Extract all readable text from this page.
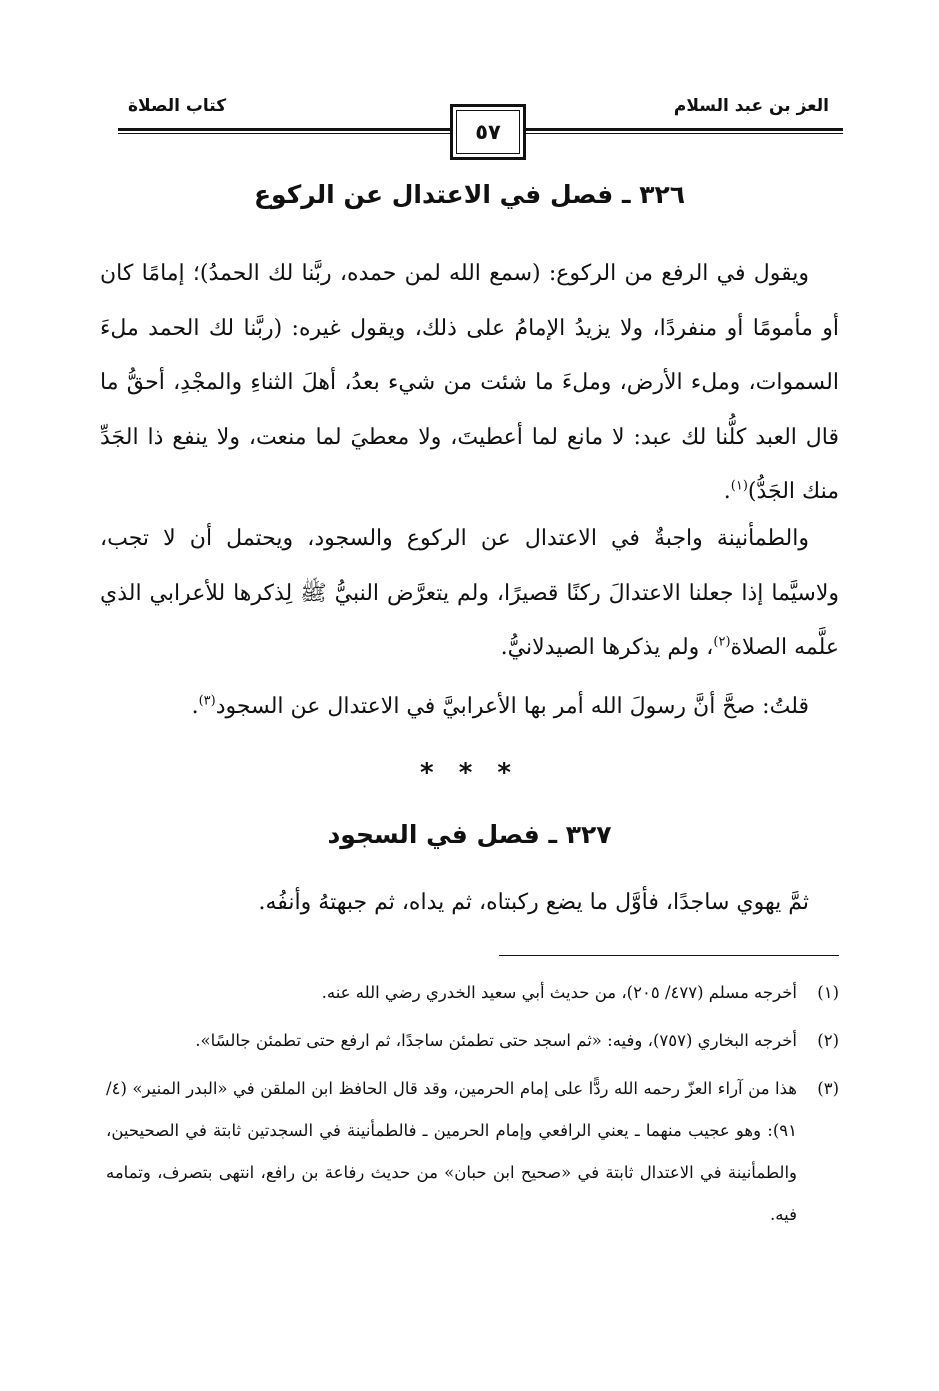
العز بن عبد السلام
كتاب الصلاة
٥٧
٣٢٦ ـ فصل في الاعتدال عن الركوع

ويقول في الرفع من الركوع: (سمع الله لمن حمده، ربَّنا لك الحمدُ)؛ إمامًا كان أو مأمومًا أو منفردًا، ولا يزيدُ الإمامُ على ذلك، ويقول غيره: (ربَّنا لك الحمد ملءَ السموات، وملء الأرض، وملءَ ما شئت من شيء بعدُ، أهلَ الثناءِ والمجْدِ، أحقُّ ما قال العبد كلُّنا لك عبد: لا مانع لما أعطيتَ، ولا معطيَ لما منعت، ولا ينفع ذا الجَدِّ منك الجَدُّ)$^{(١)}$.

والطمأنينة واجبةٌ في الاعتدال عن الركوع والسجود، ويحتمل أن لا تجب، ولاسيَّما إذا جعلنا الاعتدالَ ركنًا قصيرًا، ولم يتعرَّض النبيُّ ﷺ لِذكرها للأعرابي الذي علَّمه الصلاة$^{(٢)}$، ولم يذكرها الصيدلانيُّ.

قلتُ: صحَّ أنَّ رسولَ الله أمر بها الأعرابيَّ في الاعتدال عن السجود$^{(٣)}$.

* * *
٣٢٧ ـ فصل في السجود

ثمَّ يهوي ساجدًا، فأوَّل ما يضع ركبتاه، ثم يداه، ثم جبهتهُ وأنفُه.

(١)
أخرجه مسلم (٤٧٧/ ٢٠٥)، من حديث أبي سعيد الخدري رضي الله عنه.
(٢)
أخرجه البخاري (٧٥٧)، وفيه: «ثم اسجد حتى تطمئن ساجدًا، ثم ارفع حتى تطمئن جالسًا».
(٣)
هذا من آراء العزّ رحمه الله ردًّا على إمام الحرمين، وقد قال الحافظ ابن الملقن في «البدر المنير» (٤/ ٩١): وهو عجيب منهما ـ يعني الرافعي وإمام الحرمين ـ فالطمأنينة في السجدتين ثابتة في الصحيحين، والطمأنينة في الاعتدال ثابتة في «صحيح ابن حبان» من حديث رفاعة بن رافع، انتهى بتصرف، وتمامه فيه.
